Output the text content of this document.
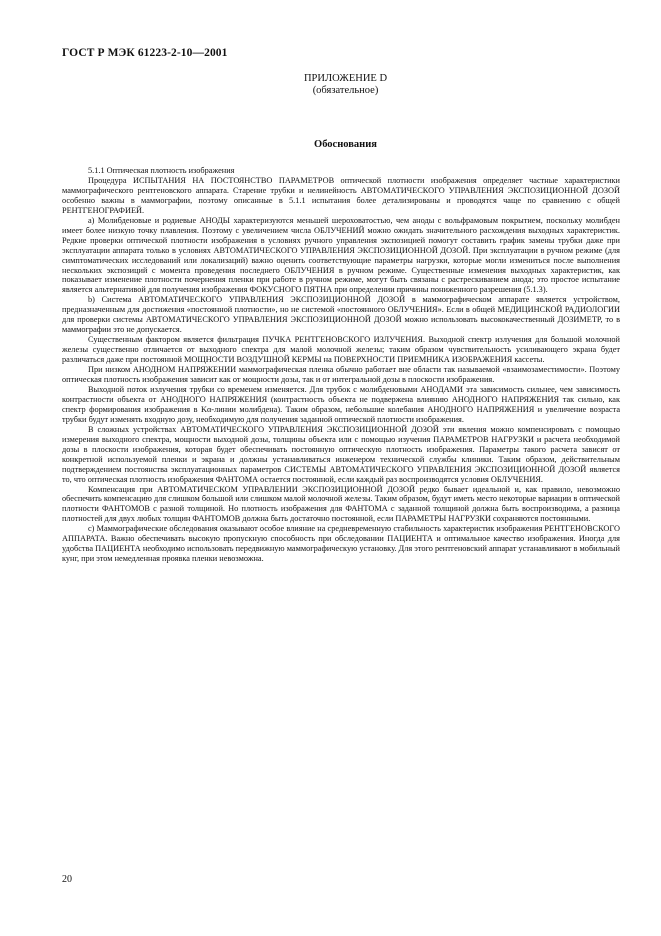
ГОСТ Р МЭК 61223-2-10—2001
ПРИЛОЖЕНИЕ D
(обязательное)
Обоснования

5.1.1 Оптическая плотность изображения

Процедура ИСПЫТАНИЯ НА ПОСТОЯНСТВО ПАРАМЕТРОВ оптической плотности изображения определяет частные характеристики маммографического рентгеновского аппарата. Старение трубки и нелинейность АВТОМАТИЧЕСКОГО УПРАВЛЕНИЯ ЭКСПОЗИЦИОННОЙ ДОЗОЙ особенно важны в маммографии, поэтому описанные в 5.1.1 испытания более детализированы и проводятся чаще по сравнению с общей РЕНТГЕНОГРАФИЕЙ.

а) Молибденовые и родиевые АНОДЫ характеризуются меньшей шероховатостью, чем аноды с вольфрамовым покрытием, поскольку молибден имеет более низкую точку плавления. Поэтому с увеличением числа ОБЛУЧЕНИЙ можно ожидать значительного расхождения выходных характеристик. Редкие проверки оптической плотности изображения в условиях ручного управления экспозицией помогут составить график замены трубки даже при эксплуатации аппарата только в условиях АВТОМАТИЧЕСКОГО УПРАВЛЕНИЯ ЭКСПОЗИЦИОННОЙ ДОЗОЙ. При эксплуатации в ручном режиме (для симптоматических исследований или локализаций) важно оценить соответствующие параметры нагрузки, которые могли измениться после выполнения нескольких экспозиций с момента проведения последнего ОБЛУЧЕНИЯ в ручном режиме. Существенные изменения выходных характеристик, как показывает изменение плотности почернения пленки при работе в ручном режиме, могут быть связаны с растрескиванием анода; это простое испытание является альтернативой для получения изображения ФОКУСНОГО ПЯТНА при определении причины пониженного разрешения (5.1.3).

b) Система АВТОМАТИЧЕСКОГО УПРАВЛЕНИЯ ЭКСПОЗИЦИОННОЙ ДОЗОЙ в маммографическом аппарате является устройством, предназначенным для достижения «постоянной плотности», но не системой «постоянного ОБЛУЧЕНИЯ». Если в общей МЕДИЦИНСКОЙ РАДИОЛОГИИ для проверки системы АВТОМАТИЧЕСКОГО УПРАВЛЕНИЯ ЭКСПОЗИЦИОННОЙ ДОЗОЙ можно использовать высококачественный ДОЗИМЕТР, то в маммографии это не допускается.

Существенным фактором является фильтрация ПУЧКА РЕНТГЕНОВСКОГО ИЗЛУЧЕНИЯ. Выходной спектр излучения для большой молочной железы существенно отличается от выходного спектра для малой молочной железы; таким образом чувствительность усиливающего экрана будет различаться даже при постоянной МОЩНОСТИ ВОЗДУШНОЙ КЕРМЫ на ПОВЕРХНОСТИ ПРИЕМНИКА ИЗОБРАЖЕНИЯ кассеты.

При низком АНОДНОМ НАПРЯЖЕНИИ маммографическая пленка обычно работает вне области так называемой «взаимозаместимости». Поэтому оптическая плотность изображения зависит как от мощности дозы, так и от интегральной дозы в плоскости изображения.

Выходной поток излучения трубки со временем изменяется. Для трубок с молибденовыми АНОДАМИ эта зависимость сильнее, чем зависимость контрастности объекта от АНОДНОГО НАПРЯЖЕНИЯ (контрастность объекта не подвержена влиянию АНОДНОГО НАПРЯЖЕНИЯ так сильно, как спектр формирования изображения в Kα-линии молибдена). Таким образом, небольшие колебания АНОДНОГО НАПРЯЖЕНИЯ и увеличение возраста трубки будут изменять входную дозу, необходимую для получения заданной оптической плотности изображения.

В сложных устройствах АВТОМАТИЧЕСКОГО УПРАВЛЕНИЯ ЭКСПОЗИЦИОННОЙ ДОЗОЙ эти явления можно компенсировать с помощью измерения выходного спектра, мощности выходной дозы, толщины объекта или с помощью изучения ПАРАМЕТРОВ НАГРУЗКИ и расчета необходимой дозы в плоскости изображения, которая будет обеспечивать постоянную оптическую плотность изображения. Параметры такого расчета зависят от конкретной используемой пленки и экрана и должны устанавливаться инженером технической службы клиники. Таким образом, действительным подтверждением постоянства эксплуатационных параметров СИСТЕМЫ АВТОМАТИЧЕСКОГО УПРАВЛЕНИЯ ЭКСПОЗИЦИОННОЙ ДОЗОЙ является то, что оптическая плотность изображения ФАНТОМА остается постоянной, если каждый раз воспроизводятся условия ОБЛУЧЕНИЯ.

Компенсация при АВТОМАТИЧЕСКОМ УПРАВЛЕНИИ ЭКСПОЗИЦИОННОЙ ДОЗОЙ редко бывает идеальной и, как правило, невозможно обеспечить компенсацию для слишком большой или слишком малой молочной железы. Таким образом, будут иметь место некоторые вариации в оптической плотности ФАНТОМОВ с разной толщиной. Но плотность изображения для ФАНТОМА с заданной толщиной должна быть воспроизводима, а разница плотностей для двух любых толщин ФАНТОМОВ должна быть достаточно постоянной, если ПАРАМЕТРЫ НАГРУЗКИ сохраняются постоянными.

с) Маммографические обследования оказывают особое влияние на средневременную стабильность характеристик изображения РЕНТГЕНОВСКОГО АППАРАТА. Важно обеспечивать высокую пропускную способность при обследовании ПАЦИЕНТА и оптимальное качество изображения. Иногда для удобства ПАЦИЕНТА необходимо использовать передвижную маммографическую установку. Для этого рентгеновский аппарат устанавливают в мобильный кунг, при этом немедленная проявка пленки невозможна.

20
